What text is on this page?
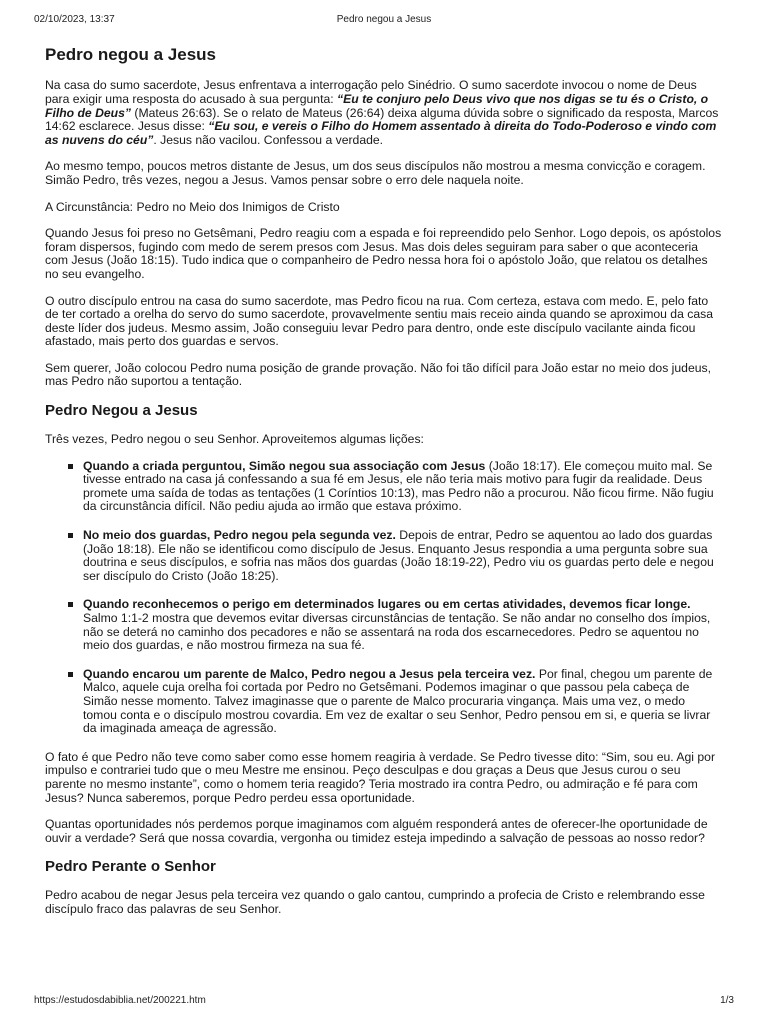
02/10/2023, 13:37	Pedro negou a Jesus
Pedro negou a Jesus

Na casa do sumo sacerdote, Jesus enfrentava a interrogação pelo Sinédrio. O sumo sacerdote invocou o nome de Deus para exigir uma resposta do acusado à sua pergunta: “Eu te conjuro pelo Deus vivo que nos digas se tu és o Cristo, o Filho de Deus” (Mateus 26:63). Se o relato de Mateus (26:64) deixa alguma dúvida sobre o significado da resposta, Marcos 14:62 esclarece. Jesus disse: “Eu sou, e vereis o Filho do Homem assentado à direita do Todo-Poderoso e vindo com as nuvens do céu”. Jesus não vacilou. Confessou a verdade.

Ao mesmo tempo, poucos metros distante de Jesus, um dos seus discípulos não mostrou a mesma convicção e coragem. Simão Pedro, três vezes, negou a Jesus. Vamos pensar sobre o erro dele naquela noite.

A Circunstância: Pedro no Meio dos Inimigos de Cristo

Quando Jesus foi preso no Getsêmani, Pedro reagiu com a espada e foi repreendido pelo Senhor. Logo depois, os apóstolos foram dispersos, fugindo com medo de serem presos com Jesus. Mas dois deles seguiram para saber o que aconteceria com Jesus (João 18:15). Tudo indica que o companheiro de Pedro nessa hora foi o apóstolo João, que relatou os detalhes no seu evangelho.

O outro discípulo entrou na casa do sumo sacerdote, mas Pedro ficou na rua. Com certeza, estava com medo. E, pelo fato de ter cortado a orelha do servo do sumo sacerdote, provavelmente sentiu mais receio ainda quando se aproximou da casa deste líder dos judeus. Mesmo assim, João conseguiu levar Pedro para dentro, onde este discípulo vacilante ainda ficou afastado, mais perto dos guardas e servos.

Sem querer, João colocou Pedro numa posição de grande provação. Não foi tão difícil para João estar no meio dos judeus, mas Pedro não suportou a tentação.

Pedro Negou a Jesus

Três vezes, Pedro negou o seu Senhor. Aproveitemos algumas lições:

Quando a criada perguntou, Simão negou sua associação com Jesus (João 18:17). Ele começou muito mal. Se tivesse entrado na casa já confessando a sua fé em Jesus, ele não teria mais motivo para fugir da realidade. Deus promete uma saída de todas as tentações (1 Coríntios 10:13), mas Pedro não a procurou. Não ficou firme. Não fugiu da circunstância difícil. Não pediu ajuda ao irmão que estava próximo.
No meio dos guardas, Pedro negou pela segunda vez. Depois de entrar, Pedro se aquentou ao lado dos guardas (João 18:18). Ele não se identificou como discípulo de Jesus. Enquanto Jesus respondia a uma pergunta sobre sua doutrina e seus discípulos, e sofria nas mãos dos guardas (João 18:19-22), Pedro viu os guardas perto dele e negou ser discípulo do Cristo (João 18:25).
Quando reconhecemos o perigo em determinados lugares ou em certas atividades, devemos ficar longe. Salmo 1:1-2 mostra que devemos evitar diversas circunstâncias de tentação. Se não andar no conselho dos ímpios, não se deterá no caminho dos pecadores e não se assentará na roda dos escarnecedores. Pedro se aquentou no meio dos guardas, e não mostrou firmeza na sua fé.
Quando encarou um parente de Malco, Pedro negou a Jesus pela terceira vez. Por final, chegou um parente de Malco, aquele cuja orelha foi cortada por Pedro no Getsêmani. Podemos imaginar o que passou pela cabeça de Simão nesse momento. Talvez imaginasse que o parente de Malco procuraria vingança. Mais uma vez, o medo tomou conta e o discípulo mostrou covardia. Em vez de exaltar o seu Senhor, Pedro pensou em si, e queria se livrar da imaginada ameaça de agressão.

O fato é que Pedro não teve como saber como esse homem reagiria à verdade. Se Pedro tivesse dito: “Sim, sou eu. Agi por impulso e contrariei tudo que o meu Mestre me ensinou. Peço desculpas e dou graças a Deus que Jesus curou o seu parente no mesmo instante”, como o homem teria reagido? Teria mostrado ira contra Pedro, ou admiração e fé para com Jesus? Nunca saberemos, porque Pedro perdeu essa oportunidade.

Quantas oportunidades nós perdemos porque imaginamos com alguém responderá antes de oferecer-lhe oportunidade de ouvir a verdade? Será que nossa covardia, vergonha ou timidez esteja impedindo a salvação de pessoas ao nosso redor?

Pedro Perante o Senhor

Pedro acabou de negar Jesus pela terceira vez quando o galo cantou, cumprindo a profecia de Cristo e relembrando esse discípulo fraco das palavras de seu Senhor.

https://estudosdabiblia.net/200221.htm	1/3
